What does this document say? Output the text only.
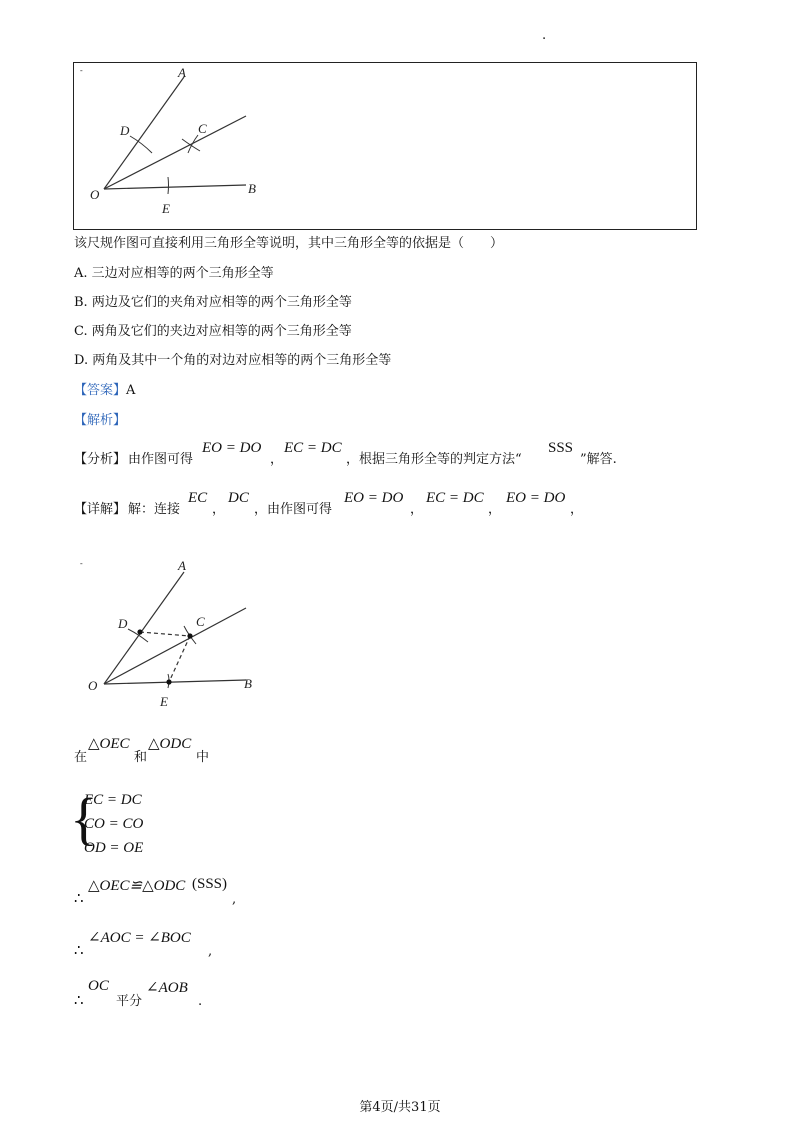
.
-	A
B
C
D
E
O
该尺规作图可直接利用三角形全等说明，其中三角形全等的依据是（　　）
A. 三边对应相等的两个三角形全等
B. 两边及它们的夹角对应相等的两个三角形全等
C. 两角及它们的夹边对应相等的两个三角形全等
D. 两角及其中一个角的对边对应相等的两个三角形全等
【答案】A
【解析】
【分析】 由作图可得
EO = DO
，
EC = DC
，根据三角形全等的判定方法“
SSS
”解答.
【详解】 解：连接
EC
，
DC
，由作图可得
EO = DO
，
EC = DC
，
EO = DO
，
-	A
B
C
D
E
O
在
△OEC
和
△ODC
中
{
EC = DC
CO = CO
OD = OE
∴
△OEC≌△ODC (SSS)
,
∴
∠AOC = ∠BOC
,
∴
OC
平分
∠AOB
.
第4页/共31页
